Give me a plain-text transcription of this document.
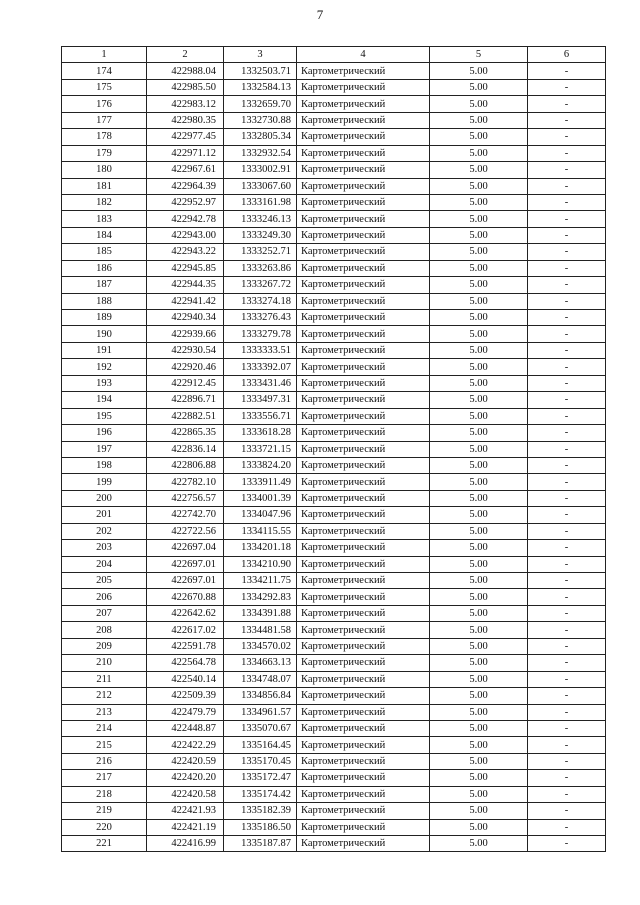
7
1	2	3	4	5	6
174	422988.04	1332503.71	Картометрический	5.00	-
175	422985.50	1332584.13	Картометрический	5.00	-
176	422983.12	1332659.70	Картометрический	5.00	-
177	422980.35	1332730.88	Картометрический	5.00	-
178	422977.45	1332805.34	Картометрический	5.00	-
179	422971.12	1332932.54	Картометрический	5.00	-
180	422967.61	1333002.91	Картометрический	5.00	-
181	422964.39	1333067.60	Картометрический	5.00	-
182	422952.97	1333161.98	Картометрический	5.00	-
183	422942.78	1333246.13	Картометрический	5.00	-
184	422943.00	1333249.30	Картометрический	5.00	-
185	422943.22	1333252.71	Картометрический	5.00	-
186	422945.85	1333263.86	Картометрический	5.00	-
187	422944.35	1333267.72	Картометрический	5.00	-
188	422941.42	1333274.18	Картометрический	5.00	-
189	422940.34	1333276.43	Картометрический	5.00	-
190	422939.66	1333279.78	Картометрический	5.00	-
191	422930.54	1333333.51	Картометрический	5.00	-
192	422920.46	1333392.07	Картометрический	5.00	-
193	422912.45	1333431.46	Картометрический	5.00	-
194	422896.71	1333497.31	Картометрический	5.00	-
195	422882.51	1333556.71	Картометрический	5.00	-
196	422865.35	1333618.28	Картометрический	5.00	-
197	422836.14	1333721.15	Картометрический	5.00	-
198	422806.88	1333824.20	Картометрический	5.00	-
199	422782.10	1333911.49	Картометрический	5.00	-
200	422756.57	1334001.39	Картометрический	5.00	-
201	422742.70	1334047.96	Картометрический	5.00	-
202	422722.56	1334115.55	Картометрический	5.00	-
203	422697.04	1334201.18	Картометрический	5.00	-
204	422697.01	1334210.90	Картометрический	5.00	-
205	422697.01	1334211.75	Картометрический	5.00	-
206	422670.88	1334292.83	Картометрический	5.00	-
207	422642.62	1334391.88	Картометрический	5.00	-
208	422617.02	1334481.58	Картометрический	5.00	-
209	422591.78	1334570.02	Картометрический	5.00	-
210	422564.78	1334663.13	Картометрический	5.00	-
211	422540.14	1334748.07	Картометрический	5.00	-
212	422509.39	1334856.84	Картометрический	5.00	-
213	422479.79	1334961.57	Картометрический	5.00	-
214	422448.87	1335070.67	Картометрический	5.00	-
215	422422.29	1335164.45	Картометрический	5.00	-
216	422420.59	1335170.45	Картометрический	5.00	-
217	422420.20	1335172.47	Картометрический	5.00	-
218	422420.58	1335174.42	Картометрический	5.00	-
219	422421.93	1335182.39	Картометрический	5.00	-
220	422421.19	1335186.50	Картометрический	5.00	-
221	422416.99	1335187.87	Картометрический	5.00	-
